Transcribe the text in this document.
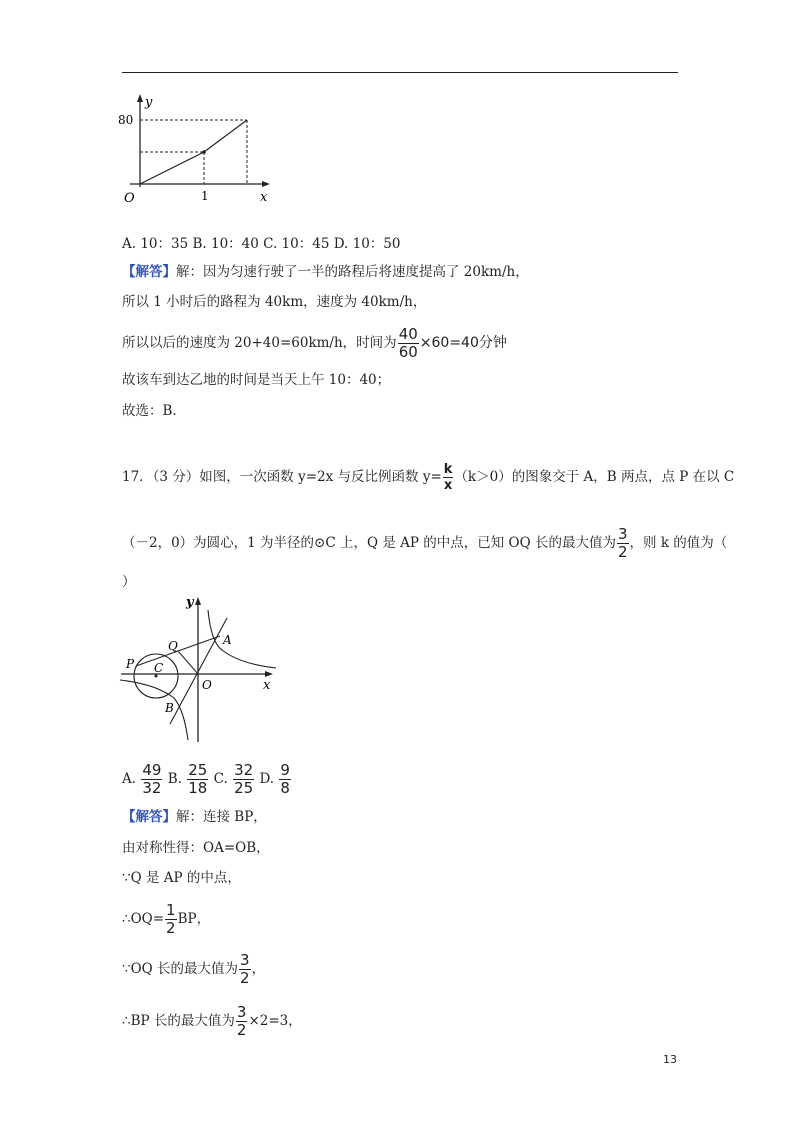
y
80
O	1	x
A. 10：35 B. 10：40 C. 10：45 D. 10：50
【解答】解：因为匀速行驶了一半的路程后将速度提高了 20km/h，
所以 1 小时后的路程为 40km，速度为 40km/h，
所以以后的速度为 20+40=60km/h，时间为 $\frac{40}{60} \times 60=40$分钟
故该车到达乙地的时间是当天上午 10：40；
故选：B.
17．（3 分）如图，一次函数 y=2x 与反比例函数 $y= \frac{k}{x} (k>0)$的图象交于 A，B 两点，点 P 在以 C
（－2，0）为圆心，1 为半径的⊙C 上，Q 是 AP 的中点，已知 OQ 长的最大值为 $\frac{3}{2}$ ，则 k 的值为（
）
y
x
A
Q
P C
O
B
A. $\frac{49}{32} B$. $\frac{25}{18} C$. $\frac{32}{25} D$. $\frac{9}{8}$
【解答】解：连接 BP，
由对称性得：OA=OB，
∵Q 是 AP 的中点，
∴OQ= $\frac{1}{2}$ BP，
∵OQ 长的最大值为 $\frac{3}{2}$ ，
∴BP 长的最大值为 $\frac{3}{2} \times 2=3$，
13
